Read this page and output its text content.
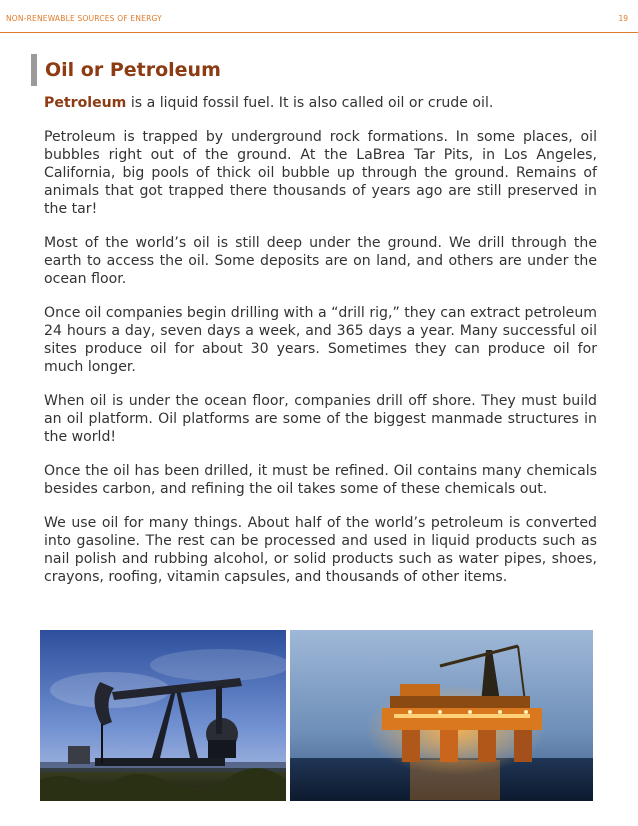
NON-RENEWABLE SOURCES OF ENERGY	19
Oil or Petroleum

Petroleum is a liquid fossil fuel. It is also called oil or crude oil.

Petroleum is trapped by underground rock formations. In some places, oil bubbles right out of the ground. At the LaBrea Tar Pits, in Los Angeles, California, big pools of thick oil bubble up through the ground. Remains of animals that got trapped there thousands of years ago are still preserved in the tar!

Most of the world’s oil is still deep under the ground. We drill through the earth to access the oil. Some deposits are on land, and others are under the ocean floor.

Once oil companies begin drilling with a “drill rig,” they can extract petroleum 24 hours a day, seven days a week, and 365 days a year. Many successful oil sites produce oil for about 30 years. Sometimes they can produce oil for much longer.

When oil is under the ocean floor, companies drill off shore. They must build an oil platform. Oil platforms are some of the biggest manmade structures in the world!

Once the oil has been drilled, it must be refined. Oil contains many chemicals besides carbon, and refining the oil takes some of these chemicals out.

We use oil for many things. About half of the world’s petroleum is converted into gasoline. The rest can be processed and used in liquid products such as nail polish and rubbing alcohol, or solid products such as water pipes, shoes, crayons, roofing, vitamin capsules, and thousands of other items.
